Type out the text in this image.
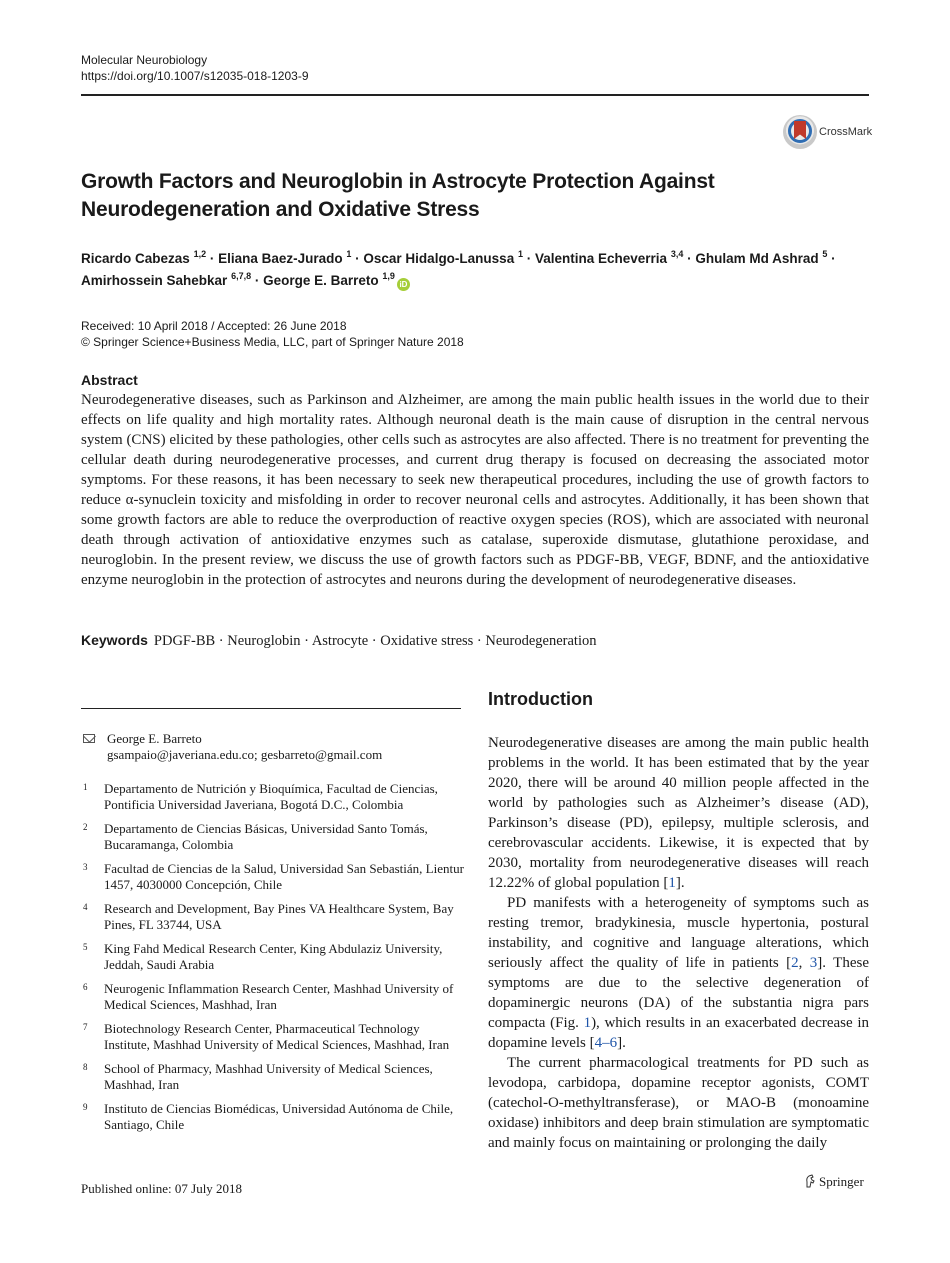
Molecular Neurobiology
https://doi.org/10.1007/s12035-018-1203-9
CrossMark
Growth Factors and Neuroglobin in Astrocyte Protection Against Neurodegeneration and Oxidative Stress
Ricardo Cabezas $^{1,2}$ · Eliana Baez-Jurado $^1$ · Oscar Hidalgo-Lanussa $^1$ · Valentina Echeverria $^{3,4}$ · Ghulam Md Ashrad $^5$ ·
Amirhossein Sahebkar $^{6,7,8}$ · George E. Barreto $^{1,9}$iD
Received: 10 April 2018 / Accepted: 26 June 2018
© Springer Science+Business Media, LLC, part of Springer Nature 2018
Abstract
Neurodegenerative diseases, such as Parkinson and Alzheimer, are among the main public health issues in the world due to their effects on life quality and high mortality rates. Although neuronal death is the main cause of disruption in the central nervous system (CNS) elicited by these pathologies, other cells such as astrocytes are also affected. There is no treatment for preventing the cellular death during neurodegenerative processes, and current drug therapy is focused on decreasing the associated motor symptoms. For these reasons, it has been necessary to seek new therapeutical procedures, including the use of growth factors to reduce α-synuclein toxicity and misfolding in order to recover neuronal cells and astrocytes. Additionally, it has been shown that some growth factors are able to reduce the overproduction of reactive oxygen species (ROS), which are associated with neuronal death through activation of antioxidative enzymes such as catalase, superoxide dismutase, glutathione peroxidase, and neuroglobin. In the present review, we discuss the use of growth factors such as PDGF-BB, VEGF, BDNF, and the antioxidative enzyme neuroglobin in the protection of astrocytes and neurons during the development of neurodegenerative diseases.
Keywords PDGF-BB · Neuroglobin · Astrocyte · Oxidative stress · Neurodegeneration
George E. Barreto
gsampaio@javeriana.edu.co; gesbarreto@gmail.com
1 Departamento de Nutrición y Bioquímica, Facultad de Ciencias, Pontificia Universidad Javeriana, Bogotá D.C., Colombia
2 Departamento de Ciencias Básicas, Universidad Santo Tomás, Bucaramanga, Colombia
3 Facultad de Ciencias de la Salud, Universidad San Sebastián, Lientur 1457, 4030000 Concepción, Chile
4 Research and Development, Bay Pines VA Healthcare System, Bay Pines, FL 33744, USA
5 King Fahd Medical Research Center, King Abdulaziz University, Jeddah, Saudi Arabia
6 Neurogenic Inflammation Research Center, Mashhad University of Medical Sciences, Mashhad, Iran
7 Biotechnology Research Center, Pharmaceutical Technology Institute, Mashhad University of Medical Sciences, Mashhad, Iran
8 School of Pharmacy, Mashhad University of Medical Sciences, Mashhad, Iran
9 Instituto de Ciencias Biomédicas, Universidad Autónoma de Chile, Santiago, Chile
Introduction

Neurodegenerative diseases are among the main public health problems in the world. It has been estimated that by the year 2020, there will be around 40 million people affected in the world by pathologies such as Alzheimer’s disease (AD), Parkinson’s disease (PD), epilepsy, multiple sclerosis, and cerebrovascular accidents. Likewise, it is expected that by 2030, mortality from neurodegenerative diseases will reach 12.22% of global population [1].

PD manifests with a heterogeneity of symptoms such as resting tremor, bradykinesia, muscle hypertonia, postural instability, and cognitive and language alterations, which seriously affect the quality of life in patients [2, 3]. These symptoms are due to the selective degeneration of dopaminergic neurons (DA) of the substantia nigra pars compacta (Fig. 1), which results in an exacerbated decrease in dopamine levels [4–6].

The current pharmacological treatments for PD such as levodopa, carbidopa, dopamine receptor agonists, COMT (catechol-O-methyltransferase), or MAO-B (monoamine oxidase) inhibitors and deep brain stimulation are symptomatic and mainly focus on maintaining or prolonging the daily

Published online: 07 July 2018	Springer
